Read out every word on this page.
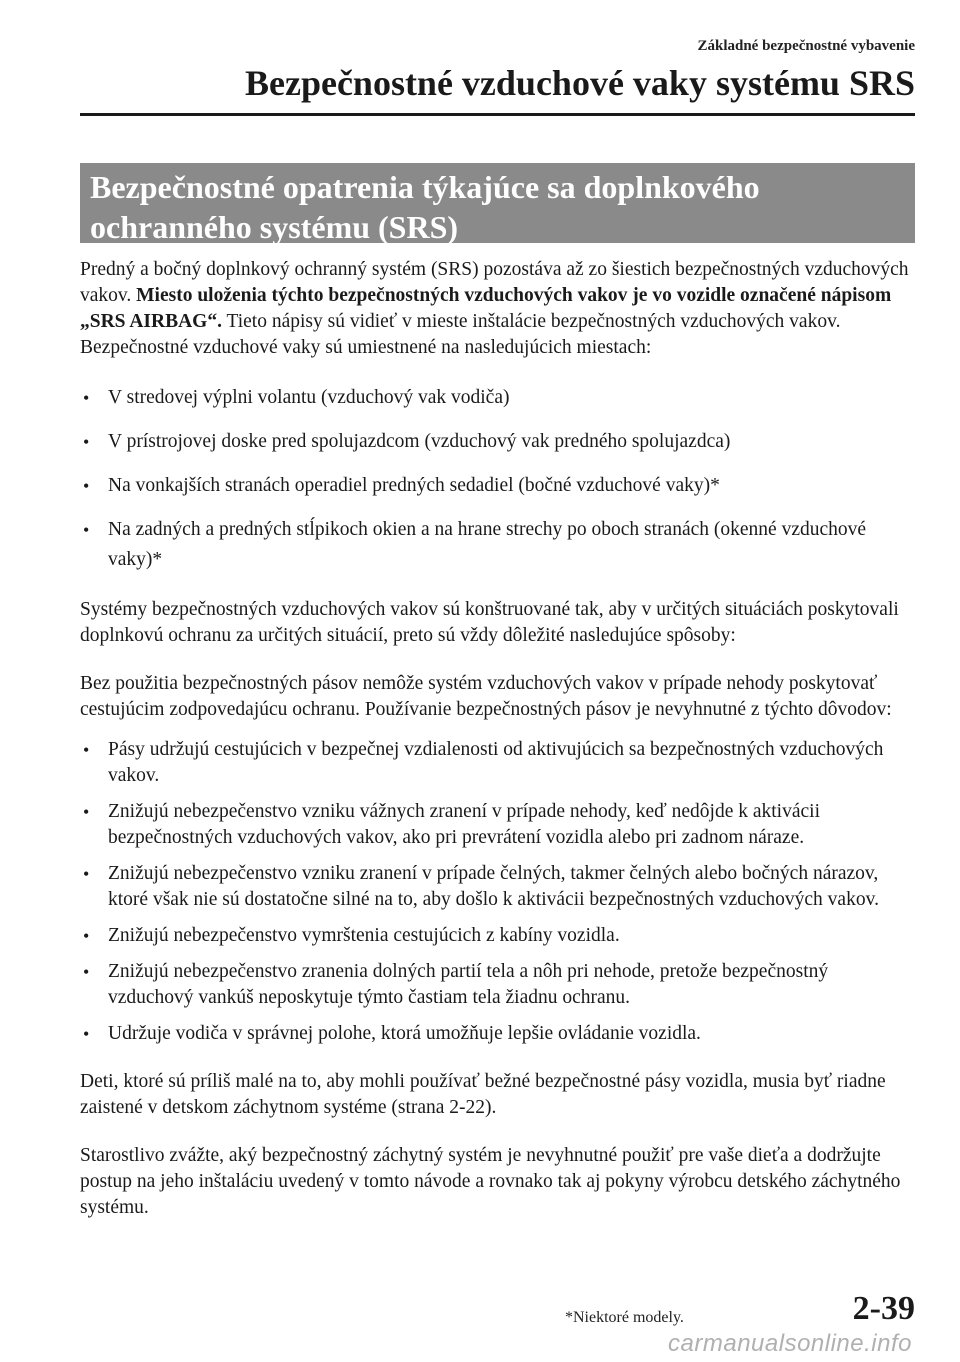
Základné bezpečnostné vybavenie
Bezpečnostné vzduchové vaky systému SRS
Bezpečnostné opatrenia týkajúce sa doplnkového ochranného systému (SRS)

Predný a bočný doplnkový ochranný systém (SRS) pozostáva až zo šiestich bezpečnostných vzduchových vakov. Miesto uloženia týchto bezpečnostných vzduchových vakov je vo vozidle označené nápisom „SRS AIRBAG“. Tieto nápisy sú vidieť v mieste inštalácie bezpečnostných vzduchových vakov.

Bezpečnostné vzduchové vaky sú umiestnené na nasledujúcich miestach:

• V stredovej výplni volantu (vzduchový vak vodiča)
• V prístrojovej doske pred spolujazdcom (vzduchový vak predného spolujazdca)
• Na vonkajších stranách operadiel predných sedadiel (bočné vzduchové vaky)*
• Na zadných a predných stĺpikoch okien a na hrane strechy po oboch stranách (okenné vzduchové vaky)*

Systémy bezpečnostných vzduchových vakov sú konštruované tak, aby v určitých situáciách poskytovali doplnkovú ochranu za určitých situácií, preto sú vždy dôležité nasledujúce spôsoby:

Bez použitia bezpečnostných pásov nemôže systém vzduchových vakov v prípade nehody poskytovať cestujúcim zodpovedajúcu ochranu. Používanie bezpečnostných pásov je nevyhnutné z týchto dôvodov:

• Pásy udržujú cestujúcich v bezpečnej vzdialenosti od aktivujúcich sa bezpečnostných vzduchových vakov.
• Znižujú nebezpečenstvo vzniku vážnych zranení v prípade nehody, keď nedôjde k aktivácii bezpečnostných vzduchových vakov, ako pri prevrátení vozidla alebo pri zadnom náraze.
• Znižujú nebezpečenstvo vzniku zranení v prípade čelných, takmer čelných alebo bočných nárazov, ktoré však nie sú dostatočne silné na to, aby došlo k aktivácii bezpečnostných vzduchových vakov.
• Znižujú nebezpečenstvo vymrštenia cestujúcich z kabíny vozidla.
• Znižujú nebezpečenstvo zranenia dolných partií tela a nôh pri nehode, pretože bezpečnostný vzduchový vankúš neposkytuje týmto častiam tela žiadnu ochranu.
• Udržuje vodiča v správnej polohe, ktorá umožňuje lepšie ovládanie vozidla.

Deti, ktoré sú príliš malé na to, aby mohli používať bežné bezpečnostné pásy vozidla, musia byť riadne zaistené v detskom záchytnom systéme (strana 2-22).

Starostlivo zvážte, aký bezpečnostný záchytný systém je nevyhnutné použiť pre vaše dieťa a dodržujte postup na jeho inštaláciu uvedený v tomto návode a rovnako tak aj pokyny výrobcu detského záchytného systému.

*Niektoré modely.	2-39
carmanualsonline.info
